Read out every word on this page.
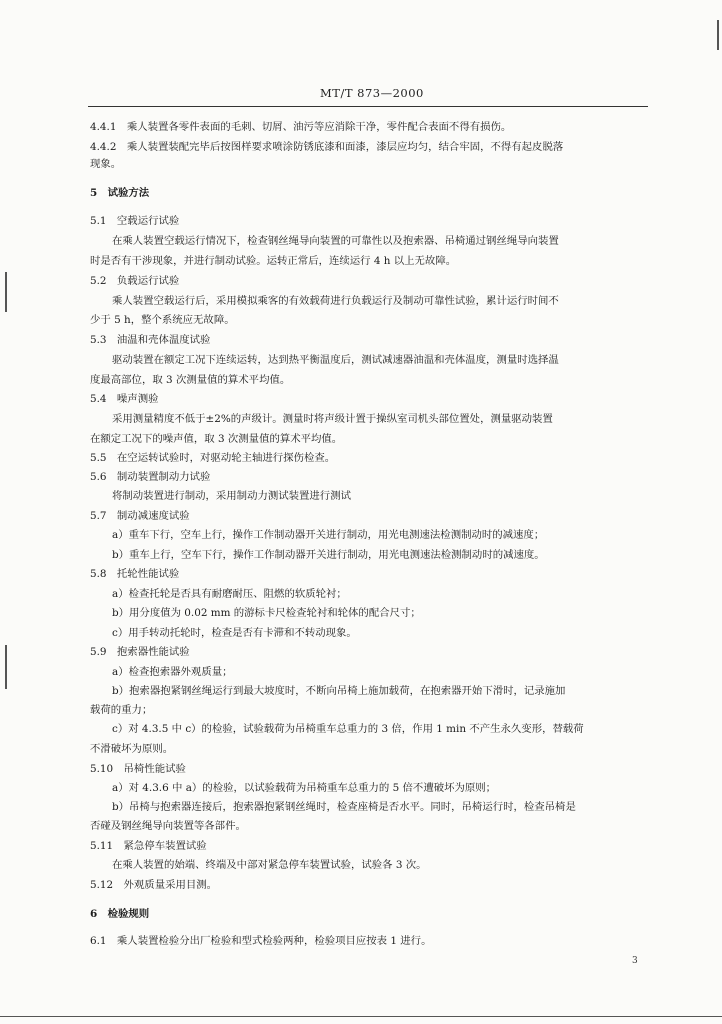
MT/T 873—2000
4.4.1　乘人装置各零件表面的毛刺、切屑、油污等应消除干净，零件配合表面不得有损伤。
4.4.2　乘人装置装配完毕后按图样要求喷涂防锈底漆和面漆，漆层应均匀，结合牢固，不得有起皮脱落
现象。
5　试验方法
5.1　空载运行试验
在乘人装置空载运行情况下，检查钢丝绳导向装置的可靠性以及抱索器、吊椅通过钢丝绳导向装置
时是否有干涉现象，并进行制动试验。运转正常后，连续运行 4 h 以上无故障。
5.2　负载运行试验
乘人装置空载运行后，采用模拟乘客的有效载荷进行负载运行及制动可靠性试验，累计运行时间不
少于 5 h，整个系统应无故障。
5.3　油温和壳体温度试验
驱动装置在额定工况下连续运转，达到热平衡温度后，测试减速器油温和壳体温度，测量时选择温
度最高部位，取 3 次测量值的算术平均值。
5.4　噪声测验
采用测量精度不低于±2%的声级计。测量时将声级计置于操纵室司机头部位置处，测量驱动装置
在额定工况下的噪声值，取 3 次测量值的算术平均值。
5.5　在空运转试验时，对驱动轮主轴进行探伤检查。
5.6　制动装置制动力试验
将制动装置进行制动，采用制动力测试装置进行测试
5.7　制动减速度试验
a）重车下行，空车上行，操作工作制动器开关进行制动，用光电测速法检测制动时的减速度；
b）重车上行，空车下行，操作工作制动器开关进行制动，用光电测速法检测制动时的减速度。
5.8　托轮性能试验
a）检查托轮是否具有耐磨耐压、阻燃的软质轮衬；
b）用分度值为 0.02 mm 的游标卡尺检查轮衬和轮体的配合尺寸；
c）用手转动托轮时，检查是否有卡滞和不转动现象。
5.9　抱索器性能试验
a）检查抱索器外观质量；
b）抱索器抱紧钢丝绳运行到最大坡度时，不断向吊椅上施加载荷，在抱索器开始下滑时，记录施加
载荷的重力；
c）对 4.3.5 中 c）的检验，试验载荷为吊椅重车总重力的 3 倍，作用 1 min 不产生永久变形，替载荷
不滑破坏为原则。
5.10　吊椅性能试验
a）对 4.3.6 中 a）的检验，以试验载荷为吊椅重车总重力的 5 倍不遭破坏为原则；
b）吊椅与抱索器连接后，抱索器抱紧钢丝绳时，检查座椅是否水平。同时，吊椅运行时，检查吊椅是
否碰及钢丝绳导向装置等各部件。
5.11　紧急停车装置试验
在乘人装置的始端、终端及中部对紧急停车装置试验，试验各 3 次。
5.12　外观质量采用目测。
6　检验规则
6.1　乘人装置检验分出厂检验和型式检验两种，检验项目应按表 1 进行。
3
